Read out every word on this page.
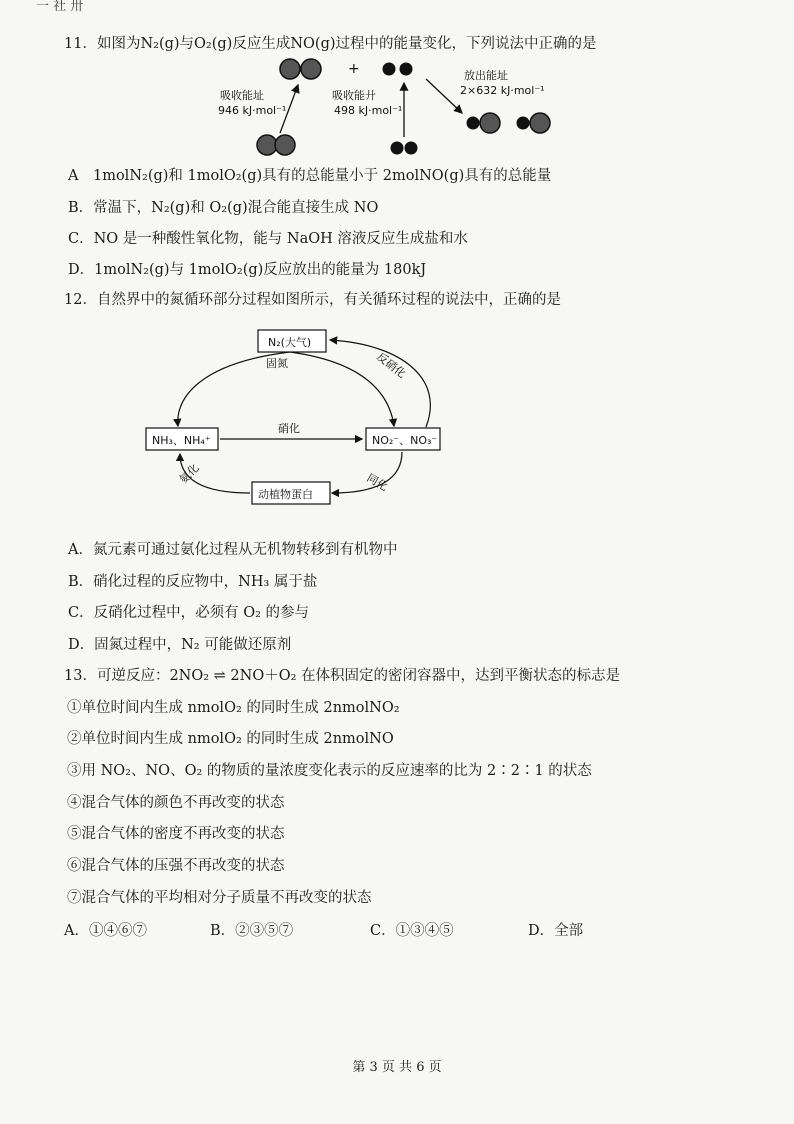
一 社 卅
11．如图为N₂(g)与O₂(g)反应生成NO(g)过程中的能量变化，下列说法中正确的是
+
吸收能址
946 kJ·mol⁻¹
吸收能廾
498 kJ·mol⁻¹
放出能址
2×632 kJ·mol⁻¹
A　1molN₂(g)和 1molO₂(g)具有的总能量小于 2molNO(g)具有的总能量
B．常温下，N₂(g)和 O₂(g)混合能直接生成 NO
C．NO 是一种酸性氧化物，能与 NaOH 溶液反应生成盐和水
D．1molN₂(g)与 1molO₂(g)反应放出的能量为 180kJ
12．自然界中的氮循环部分过程如图所示，有关循环过程的说法中，正确的是
N₂(大气)
NH₃、NH₄⁺	NO₂⁻、NO₃⁻
动植物蛋白
硝化
固氮	反硝化
同化
氨化
A．氮元素可通过氨化过程从无机物转移到有机物中
B．硝化过程的反应物中，NH₃ 属于盐
C．反硝化过程中，必须有 O₂ 的参与
D．固氮过程中，N₂ 可能做还原剂
13．可逆反应：2NO₂ ⇌ 2NO＋O₂ 在体积固定的密闭容器中，达到平衡状态的标志是
①单位时间内生成 nmolO₂ 的同时生成 2nmolNO₂
②单位时间内生成 nmolO₂ 的同时生成 2nmolNO
③用 NO₂、NO、O₂ 的物质的量浓度变化表示的反应速率的比为 2∶2∶1 的状态
④混合气体的颜色不再改变的状态
⑤混合气体的密度不再改变的状态
⑥混合气体的压强不再改变的状态
⑦混合气体的平均相对分子质量不再改变的状态
A．①④⑥⑦	B．②③⑤⑦	C．①③④⑤	D．全部
第 3 页 共 6 页
